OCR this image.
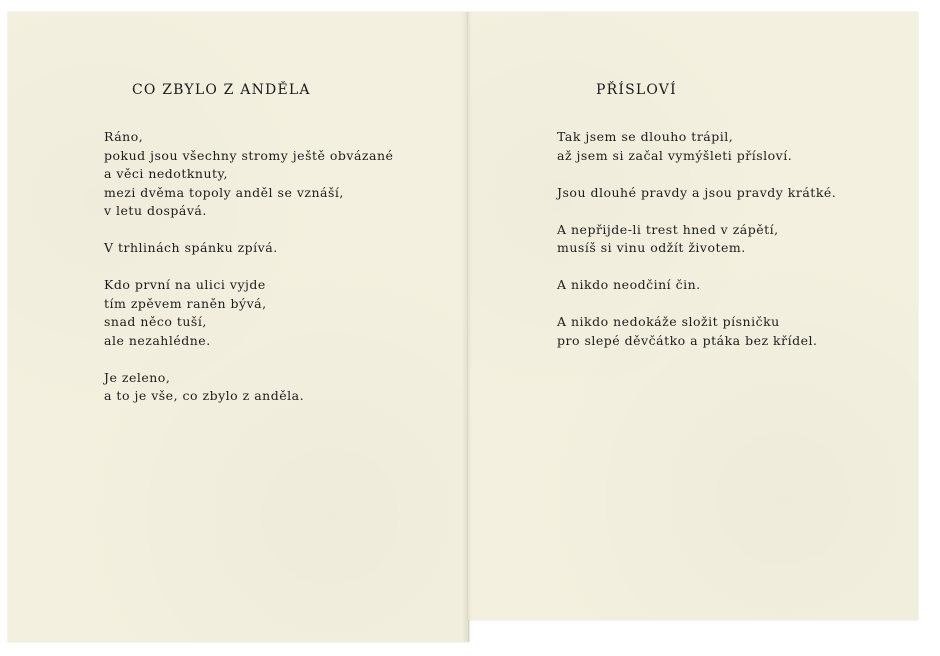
CO ZBYLO Z ANDĚLA
Ráno,
pokud jsou všechny stromy ještě obvázané
a věci nedotknuty,
mezi dvěma topoly anděl se vznáší,
v letu dospává.
V trhlinách spánku zpívá.
Kdo první na ulici vyjde
tím zpěvem raněn bývá,
snad něco tuší,
ale nezahlédne.
Je zeleno,
a to je vše, co zbylo z anděla.
PŘÍSLOVÍ
Tak jsem se dlouho trápil,
až jsem si začal vymýšleti přísloví.
Jsou dlouhé pravdy a jsou pravdy krátké.
A nepřijde-li trest hned v zápětí,
musíš si vinu odžít životem.
A nikdo neodčiní čin.
A nikdo nedokáže složit písničku
pro slepé děvčátko a ptáka bez křídel.
